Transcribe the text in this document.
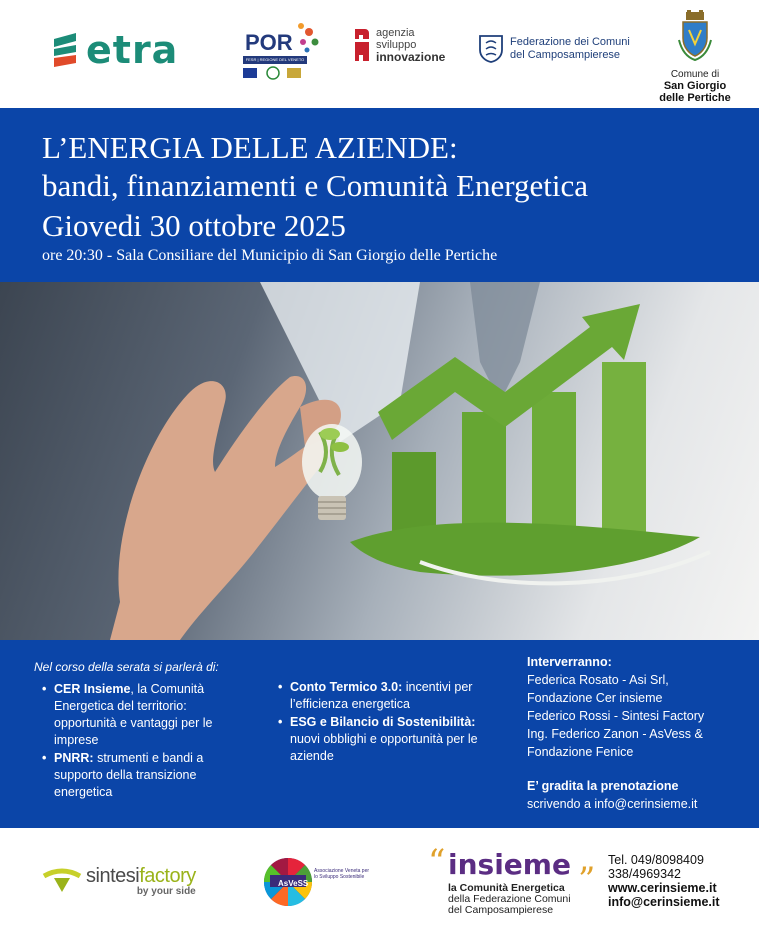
etra	POR
FESR | REGIONE DEL VENETO
agenzia
sviluppo
innovazione
Federazione dei Comuni
del Camposampierese
Comune di
San Giorgio
delle Pertiche
L’ENERGIA DELLE AZIENDE:
bandi, finanziamenti e Comunità Energetica
Giovedi 30 ottobre 2025
ore 20:30 - Sala Consiliare del Municipio di San Giorgio delle Pertiche
Nel corso della serata si parlerà di:
• CER Insieme, la Comunità Energetica del territorio: opportunità e vantaggi per le imprese
• PNRR: strumenti e bandi a supporto della transizione energetica
• Conto Termico 3.0: incentivi per l’efficienza energetica
• ESG e Bilancio di Sostenibilità: nuovi obblighi e opportunità per le aziende
Interverranno:
Federica Rosato - Asi Srl,
Fondazione Cer insieme
Federico Rossi - Sintesi Factory
Ing. Federico Zanon - AsVess &
Fondazione Fenice
E’ gradita la prenotazione
scrivendo a info@cerinsieme.it
sintesifactory
by your side
AsVeSS
Associazione Veneta per lo Sviluppo Sostenibile “ insieme ”
la Comunità Energetica
della Federazione Comuni
del Camposampierese
Tel. 049/8098409
338/4969342
www.cerinsieme.it
info@cerinsieme.it
